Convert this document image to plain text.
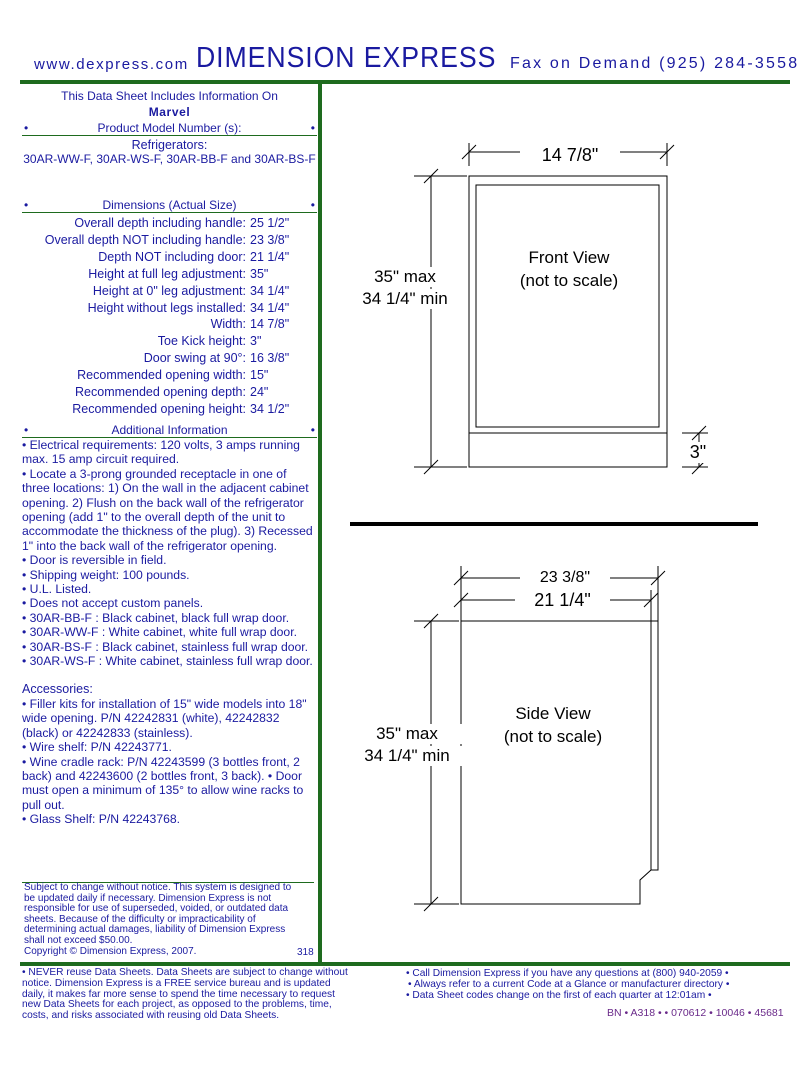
www.dexpress.com DIMENSION EXPRESS Fax on Demand (925) 284-3558
This Data Sheet Includes Information On
Marvel
•	Product Model Number (s):	•
Refrigerators:
30AR-WW-F, 30AR-WS-F, 30AR-BB-F and 30AR-BS-F
•	Dimensions (Actual Size)	•
Overall depth including handle: 25 1/2"
Overall depth NOT including handle: 23 3/8"
Depth NOT including door: 21 1/4"
Height at full leg adjustment: 35"
Height at 0" leg adjustment: 34 1/4"
Height without legs installed: 34 1/4"
Width: 14 7/8"
Toe Kick height: 3"
Door swing at 90°: 16 3/8"
Recommended opening width: 15"
Recommended opening depth: 24"
Recommended opening height: 34 1/2"
•	Additional Information	•
• Electrical requirements: 120 volts, 3 amps running max. 15 amp circuit required.
• Locate a 3-prong grounded receptacle in one of three locations: 1) On the wall in the adjacent cabinet opening. 2) Flush on the back wall of the refrigerator opening (add 1" to the overall depth of the unit to accommodate the thickness of the plug). 3) Recessed 1" into the back wall of the refrigerator opening.
• Door is reversible in field.
• Shipping weight: 100 pounds.
• U.L. Listed.
• Does not accept custom panels.
• 30AR-BB-F : Black cabinet, black full wrap door.
• 30AR-WW-F : White cabinet, white full wrap door.
• 30AR-BS-F : Black cabinet, stainless full wrap door.
• 30AR-WS-F : White cabinet, stainless full wrap door.
Accessories:
• Filler kits for installation of 15" wide models into 18" wide opening. P/N 42242831 (white), 42242832 (black) or 42242833 (stainless).
• Wire shelf: P/N 42243771.
• Wine cradle rack: P/N 42243599 (3 bottles front, 2 back) and 42243600 (2 bottles front, 3 back). • Door must open a minimum of 135° to allow wine racks to pull out.
• Glass Shelf: P/N 42243768.
Subject to change without notice. This system is designed to be updated daily if necessary. Dimension Express is not responsible for use of superseded, voided, or outdated data sheets. Because of the difficulty or impracticability of determining actual damages, liability of Dimension Express shall not exceed $50.00.
Copyright © Dimension Express, 2007.	318
• NEVER reuse Data Sheets. Data Sheets are subject to change without notice. Dimension Express is a FREE service bureau and is updated daily, it makes far more sense to spend the time necessary to request new Data Sheets for each project, as opposed to the problems, time, costs, and risks associated with reusing old Data Sheets.
• Call Dimension Express if you have any questions at (800) 940-2059 •
• Always refer to a current Code at a Glance or manufacturer directory •
• Data Sheet codes change on the first of each quarter at 12:01am •
BN • A318 • • 070612 • 10046 • 45681
14 7/8"
Front View
(not to scale)
35" max
34 1/4" min
3"
23 3/8"
21 1/4"
Side View
(not to scale)
35" max
34 1/4" min
